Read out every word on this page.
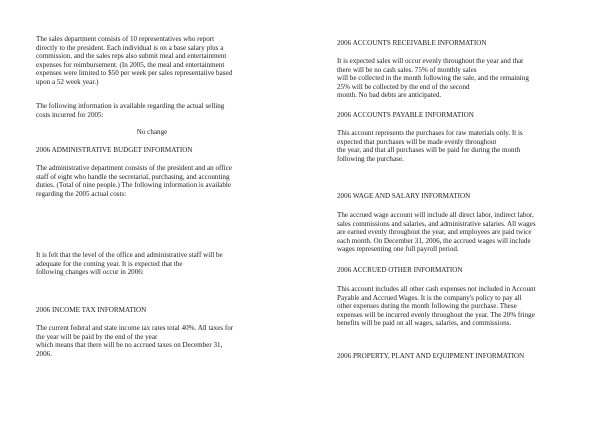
The sales department consists of 10 representatives who report
directly to the president. Each individual is on a base salary plus a
commission, and the sales reps also submit meal and entertainment
expenses for reimbursement. (In 2005, the meal and entertainment
expenses were limited to $50 per week per sales representative based
upon a 52 week year.)

The following information is available regarding the actual selling
costs incurred for 2005:

No change

2006 ADMINISTRATIVE BUDGET INFORMATION

The administrative department consists of the president and an office
staff of eight who handle the secretarial, purchasing, and accounting
duties. (Total of nine people.) The following information is available
regarding the 2005 actual costs:

It is felt that the level of the office and administrative staff will be
adequate for the coming year. It is expected that the
following changes will occur in 2006:

2006 INCOME TAX INFORMATION

The current federal and state income tax rates total 40%. All taxes for
the year will be paid by the end of the year
which means that there will be no accrued taxes on December 31,
2006.

2006 ACCOUNTS RECEIVABLE INFORMATION

It is expected sales will occur evenly throughout the year and that
there will be no cash sales. 75% of monthly sales
will be collected in the month following the sale, and the remaining
25% will be collected by the end of the second
month. No bad debts are anticipated.

2006 ACCOUNTS PAYABLE INFORMATION

This account represents the purchases for raw materials only. It is
expected that purchases will be made evenly throughout
the year, and that all purchases will be paid for during the month
following the purchase.

2006 WAGE AND SALARY INFORMATION

The accrued wage account will include all direct labor, indirect labor,
sales commissions and salaries, and administrative salaries. All wages
are earned evenly throughout the year, and employees are paid twice
each month. On December 31, 2006, the accrued wages will include
wages representing one full payroll period.

2006 ACCRUED OTHER INFORMATION

This account includes all other cash expenses not included in Account
Payable and Accrued Wages. It is the company's policy to pay all
other expenses during the month following the purchase. These
expenses will be incurred evenly throughout the year. The 20% fringe
benefits will be paid on all wages, salaries, and commissions.

2006 PROPERTY, PLANT AND EQUIPMENT INFORMATION
